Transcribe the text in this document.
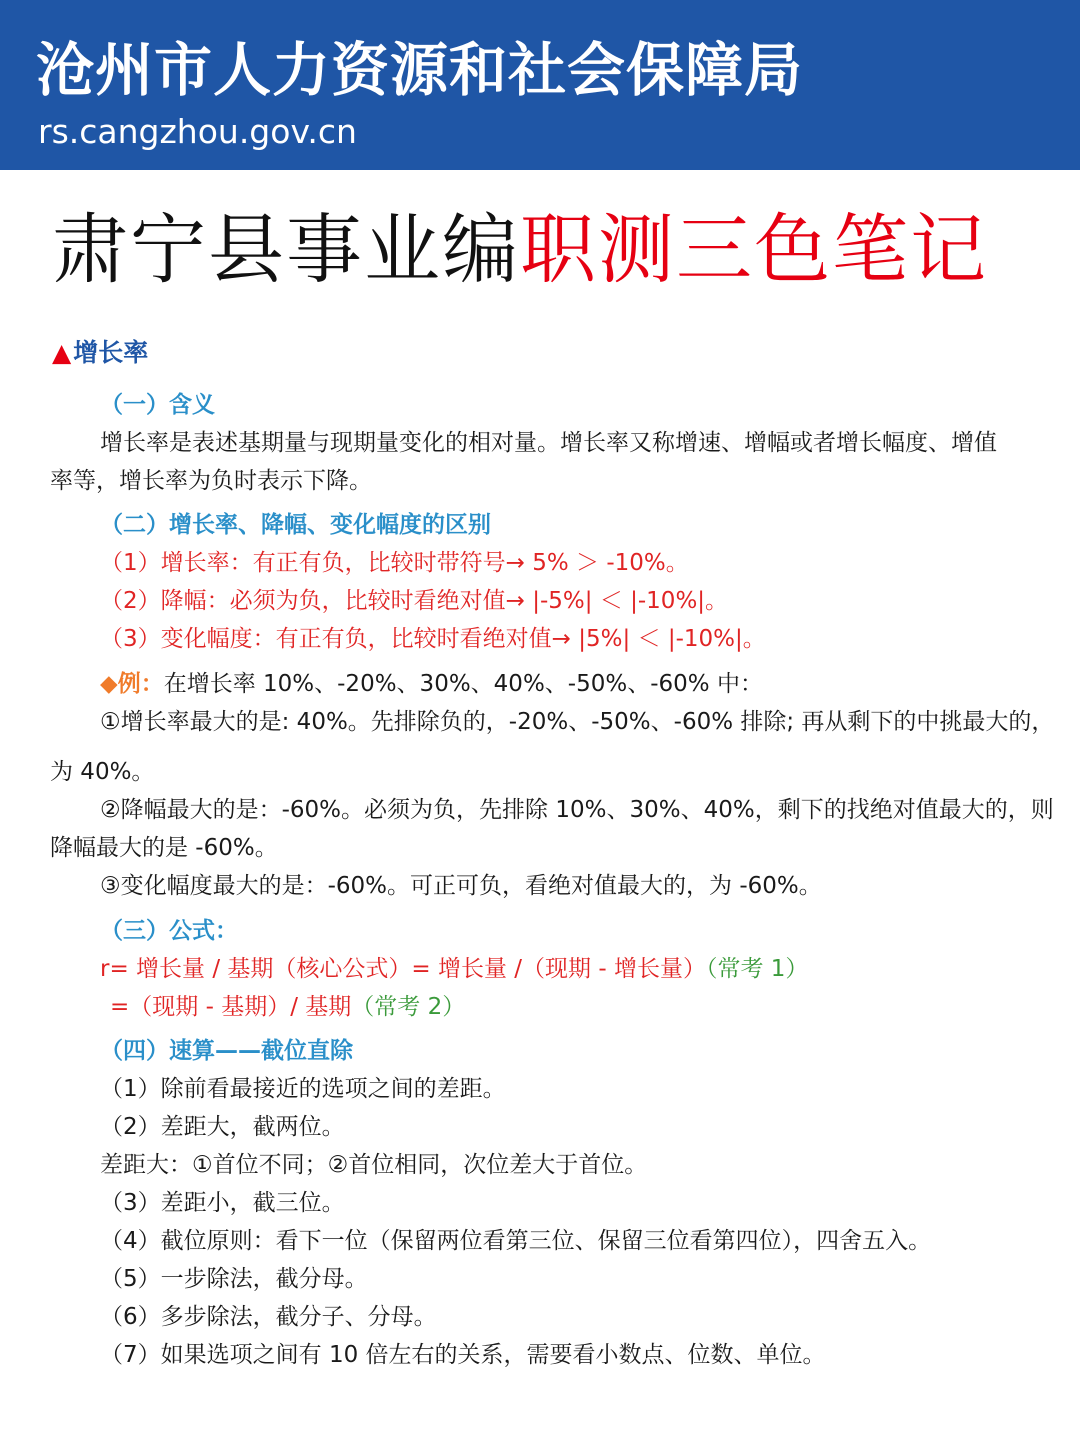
沧州市人力资源和社会保障局
rs.cangzhou.gov.cn
肃宁县事业编职测三色笔记
▲增长率
（一）含义
增长率是表述基期量与现期量变化的相对量。增长率又称增速、增幅或者增长幅度、增值
率等，增长率为负时表示下降。
（二）增长率、降幅、变化幅度的区别
（1）增长率：有正有负，比较时带符号→ 5% ＞ -10%。
（2）降幅：必须为负，比较时看绝对值→ |-5%| ＜ |-10%|。
（3）变化幅度：有正有负，比较时看绝对值→ |5%| ＜ |-10%|。
◆例：在增长率 10%、-20%、30%、40%、-50%、-60% 中：
①增长率最大的是: 40%。先排除负的，-20%、-50%、-60% 排除; 再从剩下的中挑最大的，
为 40%。
②降幅最大的是：-60%。必须为负，先排除 10%、30%、40%，剩下的找绝对值最大的，则
降幅最大的是 -60%。
③变化幅度最大的是：-60%。可正可负，看绝对值最大的，为 -60%。
（三）公式：
r= 增长量 / 基期（核心公式）= 增长量 /（现期 - 增长量）（常考 1）
=（现期 - 基期）/ 基期（常考 2）
（四）速算——截位直除
（1）除前看最接近的选项之间的差距。
（2）差距大，截两位。
差距大：①首位不同；②首位相同，次位差大于首位。
（3）差距小，截三位。
（4）截位原则：看下一位（保留两位看第三位、保留三位看第四位），四舍五入。
（5）一步除法，截分母。
（6）多步除法，截分子、分母。
（7）如果选项之间有 10 倍左右的关系，需要看小数点、位数、单位。
